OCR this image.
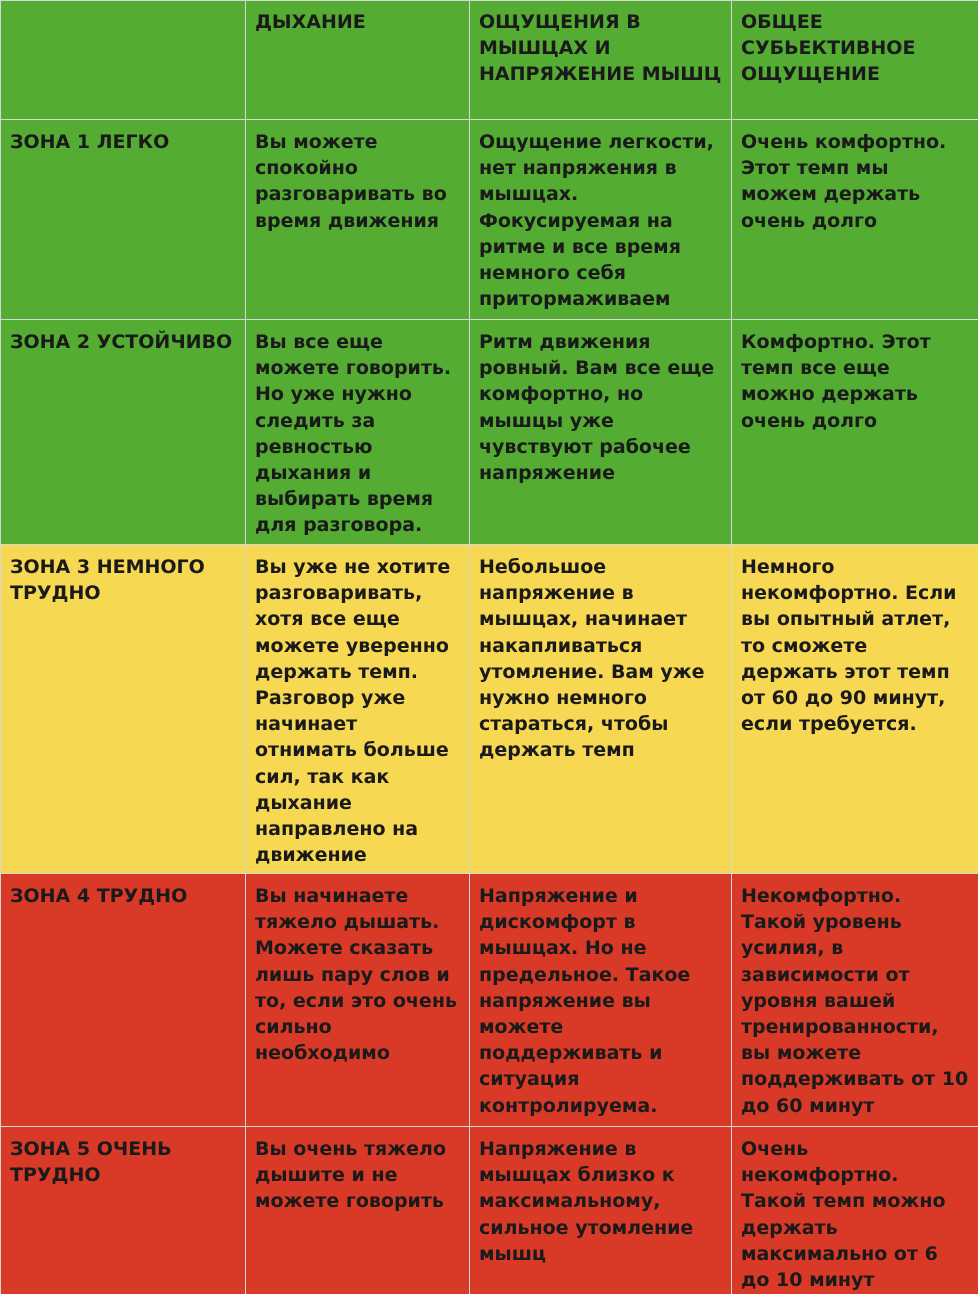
	ДЫХАНИЕ	ОЩУЩЕНИЯ В МЫШЦАХ И НАПРЯЖЕНИЕ МЫШЦ	ОБЩЕЕ СУБЬЕКТИВНОЕ ОЩУЩЕНИЕ
ЗОНА 1 ЛЕГКО	Вы можете спокойно разговаривать во время движения	Ощущение легкости, нет напряжения в мышцах. Фокусируемая на ритме и все время немного себя притормаживаем	Очень комфортно. Этот темп мы можем держать очень долго
ЗОНА 2 УСТОЙЧИВО	Вы все еще можете говорить. Но уже нужно следить за ревностью дыхания и выбирать время для разговора.	Ритм движения ровный. Вам все еще комфортно, но мышцы уже чувствуют рабочее напряжение	Комфортно. Этот темп все еще можно держать очень долго
ЗОНА 3 НЕМНОГО ТРУДНО	Вы уже не хотите разговаривать, хотя все еще можете уверенно держать темп. Разговор уже начинает отнимать больше сил, так как дыхание направлено на движение	Небольшое напряжение в мышцах, начинает накапливаться утомление. Вам уже нужно немного стараться, чтобы держать темп	Немного некомфортно. Если вы опытный атлет, то сможете держать этот темп от 60 до 90 минут, если требуется.
ЗОНА 4 ТРУДНО	Вы начинаете тяжело дышать. Можете сказать лишь пару слов и то, если это очень сильно необходимо	Напряжение и дискомфорт в мышцах. Но не предельное. Такое напряжение вы можете поддерживать и ситуация контролируема.	Некомфортно. Такой уровень усилия, в зависимости от уровня вашей тренированности, вы можете поддерживать от 10 до 60 минут
ЗОНА 5 ОЧЕНЬ ТРУДНО	Вы очень тяжело дышите и не можете говорить	Напряжение в мышцах близко к максимальному, сильное утомление мышц	Очень некомфортно. Такой темп можно держать максимально от 6 до 10 минут
